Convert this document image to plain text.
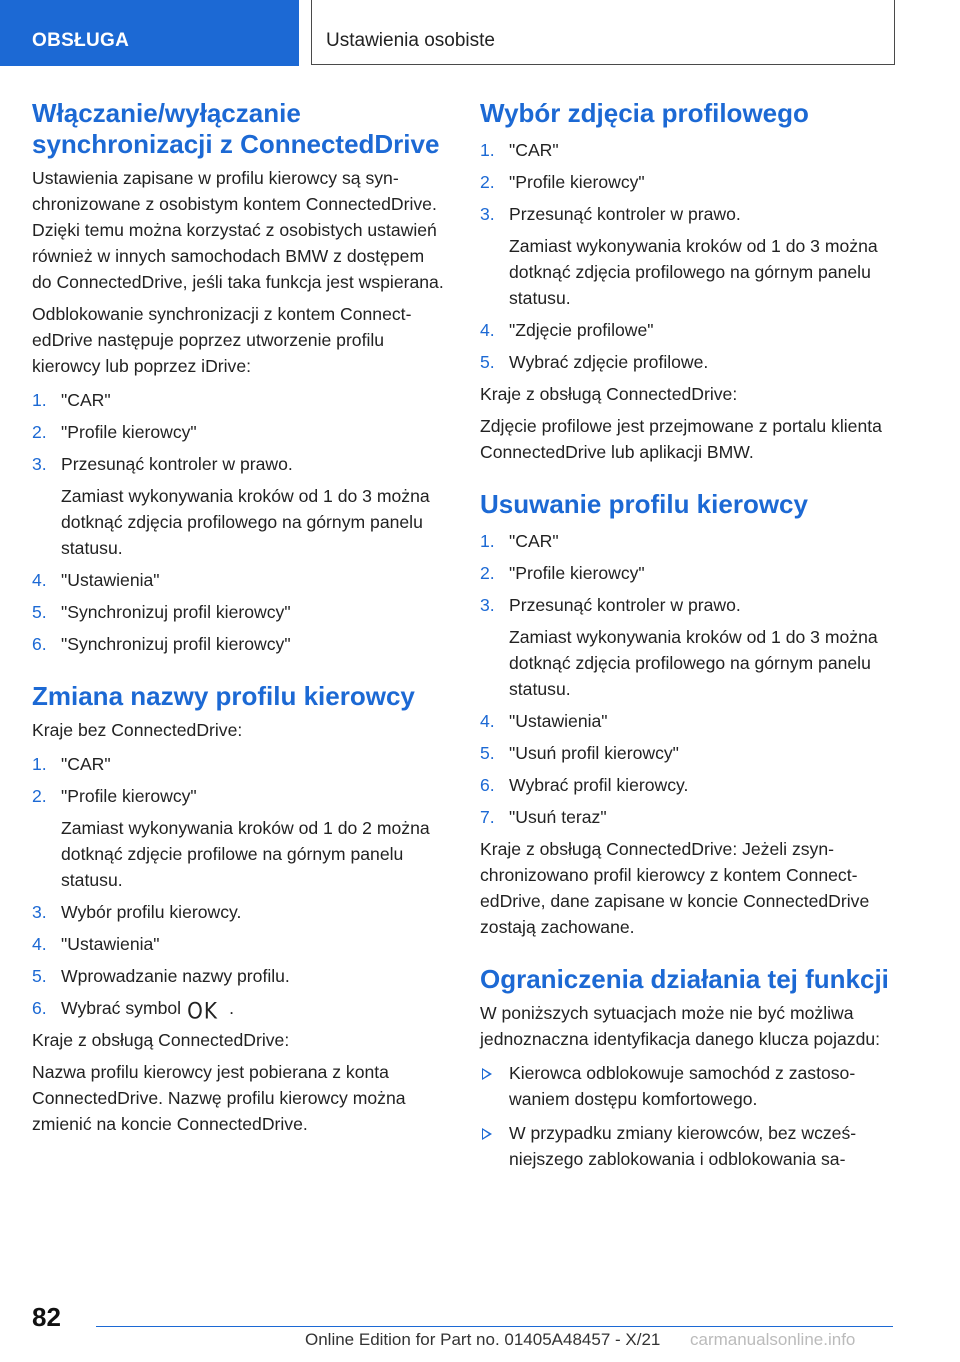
OBSŁUGA	Ustawienia osobiste
Włączanie/wyłączanie
synchronizacji z ConnectedDrive

Ustawienia zapisane w profilu kierowcy są synchronizowane z osobistym kontem ConnectedDrive. Dzięki temu można korzystać z osobistych ustawień również w innych samochodach BMW z dostępem do ConnectedDrive, jeśli taka funkcja jest wspierana.

Odblokowanie synchronizacji z kontem ConnectedDrive następuje poprzez utworzenie profilu kierowcy lub poprzez iDrive:

1. "CAR"
2. "Profile kierowcy"
3. Przesunąć kontroler w prawo.
Zamiast wykonywania kroków od 1 do 3 można dotknąć zdjęcia profilowego na górnym panelu statusu.
4. "Ustawienia"
5. "Synchronizuj profil kierowcy"
6. "Synchronizuj profil kierowcy"
Zmiana nazwy profilu kierowcy

Kraje bez ConnectedDrive:

1. "CAR"
2. "Profile kierowcy"
Zamiast wykonywania kroków od 1 do 2 można dotknąć zdjęcie profilowe na górnym panelu statusu.
3. Wybór profilu kierowcy.
4. "Ustawienia"
5. Wprowadzanie nazwy profilu.
6. Wybrać symbol OK .

Kraje z obsługą ConnectedDrive:

Nazwa profilu kierowcy jest pobierana z konta ConnectedDrive. Nazwę profilu kierowcy można zmienić na koncie ConnectedDrive.

Wybór zdjęcia profilowego
1. "CAR"
2. "Profile kierowcy"
3. Przesunąć kontroler w prawo.
Zamiast wykonywania kroków od 1 do 3 można dotknąć zdjęcia profilowego na górnym panelu statusu.
4. "Zdjęcie profilowe"
5. Wybrać zdjęcie profilowe.

Kraje z obsługą ConnectedDrive:

Zdjęcie profilowe jest przejmowane z portalu klienta ConnectedDrive lub aplikacji BMW.

Usuwanie profilu kierowcy
1. "CAR"
2. "Profile kierowcy"
3. Przesunąć kontroler w prawo.
Zamiast wykonywania kroków od 1 do 3 można dotknąć zdjęcia profilowego na górnym panelu statusu.
4. "Ustawienia"
5. "Usuń profil kierowcy"
6. Wybrać profil kierowcy.
7. "Usuń teraz"

Kraje z obsługą ConnectedDrive: Jeżeli zsynchronizowano profil kierowcy z kontem ConnectedDrive, dane zapisane w koncie ConnectedDrive zostają zachowane.

Ograniczenia działania tej funkcji

W poniższych sytuacjach może nie być możliwa jednoznaczna identyfikacja danego klucza pojazdu:

Kierowca odblokowuje samochód z zastosowaniem dostępu komfortowego.
W przypadku zmiany kierowców, bez wcześniejszego zablokowania i odblokowania sa-
82
Online Edition for Part no. 01405A48457 - X/21 carmanualsonline.info
